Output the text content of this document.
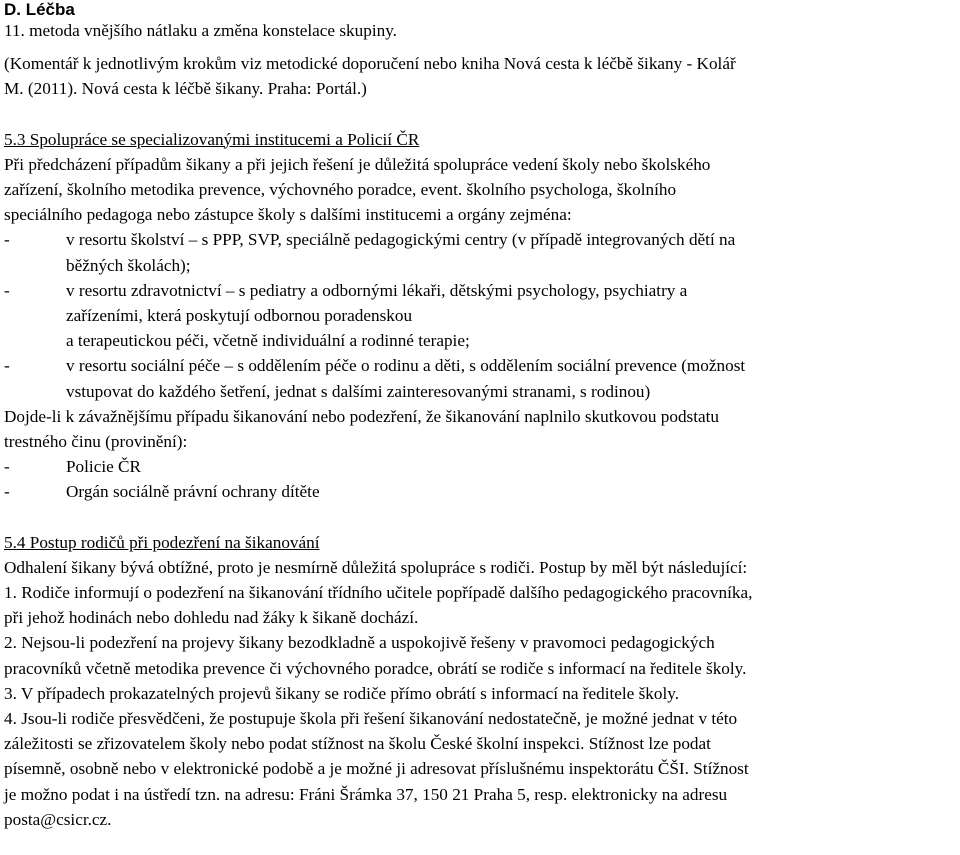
D. Léčba

11. metoda vnějšího nátlaku a změna konstelace skupiny.

(Komentář k jednotlivým krokům viz metodické doporučení nebo kniha Nová cesta k léčbě šikany - Kolář

M. (2011). Nová cesta k léčbě šikany. Praha: Portál.)

5.3 Spolupráce se specializovanými institucemi a Policií ČR

Při předcházení případům šikany a při jejich řešení je důležitá spolupráce vedení školy nebo školského

zařízení, školního metodika prevence, výchovného poradce, event. školního psychologa, školního

speciálního pedagoga nebo zástupce školy s dalšími institucemi a orgány zejména:

-	v resortu školství – s PPP, SVP, speciálně pedagogickými centry (v případě integrovaných dětí na

běžných školách);

-	v resortu zdravotnictví – s pediatry a odbornými lékaři, dětskými psychology, psychiatry a

zařízeními, která poskytují odbornou poradenskou

a terapeutickou péči, včetně individuální a rodinné terapie;

-	v resortu sociální péče – s oddělením péče o rodinu a děti, s oddělením sociální prevence (možnost

vstupovat do každého šetření, jednat s dalšími zainteresovanými stranami, s rodinou)

Dojde-li k závažnějšímu případu šikanování nebo podezření, že šikanování naplnilo skutkovou podstatu

trestného činu (provinění):

-	Policie ČR

-	Orgán sociálně právní ochrany dítěte

5.4 Postup rodičů při podezření na šikanování

Odhalení šikany bývá obtížné, proto je nesmírně důležitá spolupráce s rodiči. Postup by měl být následující:

1. Rodiče informují o podezření na šikanování třídního učitele popřípadě dalšího pedagogického pracovníka,

při jehož hodinách nebo dohledu nad žáky k šikaně dochází.

2. Nejsou-li podezření na projevy šikany bezodkladně a uspokojivě řešeny v pravomoci pedagogických

pracovníků včetně metodika prevence či výchovného poradce, obrátí se rodiče s informací na ředitele školy.

3. V případech prokazatelných projevů šikany se rodiče přímo obrátí s informací na ředitele školy.

4. Jsou-li rodiče přesvědčeni, že postupuje škola při řešení šikanování nedostatečně, je možné jednat v této

záležitosti se zřizovatelem školy nebo podat stížnost na školu České školní inspekci. Stížnost lze podat

písemně, osobně nebo v elektronické podobě a je možné ji adresovat příslušnému inspektorátu ČŠI. Stížnost

je možno podat i na ústředí tzn. na adresu: Fráni Šrámka 37, 150 21 Praha 5, resp. elektronicky na adresu

posta@csicr.cz.
